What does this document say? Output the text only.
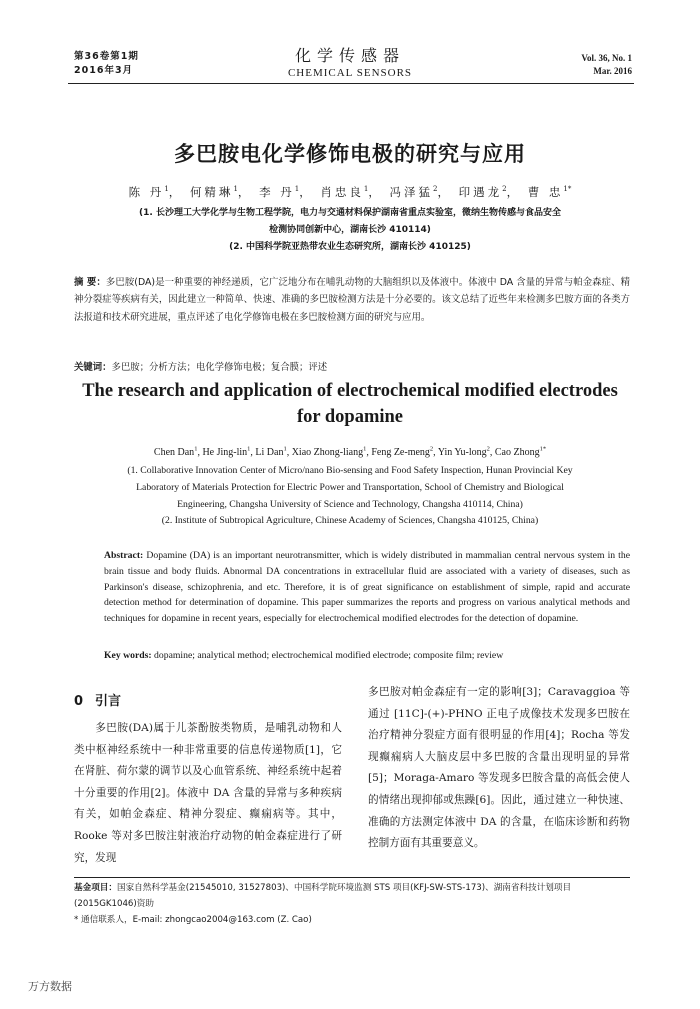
第36卷第1期
2016年3月
化学传感器
CHEMICAL SENSORS
Vol. 36, No. 1
Mar. 2016
多巴胺电化学修饰电极的研究与应用
陈 丹$^1$， 何精琳$^1$， 李 丹$^1$， 肖忠良$^1$， 冯泽猛$^2$， 印遇龙$^2$， 曹 忠$^{1*}$
(1. 长沙理工大学化学与生物工程学院，电力与交通材料保护湖南省重点实验室，微纳生物传感与食品安全
检测协同创新中心，湖南长沙 410114)
(2. 中国科学院亚热带农业生态研究所，湖南长沙 410125)
摘 要：多巴胺(DA)是一种重要的神经递质，它广泛地分布在哺乳动物的大脑组织以及体液中。体液中 DA 含量的异常与帕金森症、精神分裂症等疾病有关，因此建立一种简单、快速、准确的多巴胺检测方法是十分必要的。该文总结了近些年来检测多巴胺方面的各类方法报道和技术研究进展，重点评述了电化学修饰电极在多巴胺检测方面的研究与应用。
关键词：多巴胺；分析方法；电化学修饰电极；复合膜；评述
The research and application of electrochemical modified electrodes
for dopamine
Chen Dan$^1$, He Jing-lin$^1$, Li Dan$^1$, Xiao Zhong-liang$^1$, Feng Ze-meng$^2$, Yin Yu-long$^2$, Cao Zhong$^{1*}$
(1. Collaborative Innovation Center of Micro/nano Bio-sensing and Food Safety Inspection, Hunan Provincial Key
Laboratory of Materials Protection for Electric Power and Transportation, School of Chemistry and Biological
Engineering, Changsha University of Science and Technology, Changsha 410114, China)
(2. Institute of Subtropical Agriculture, Chinese Academy of Sciences, Changsha 410125, China)
Abstract: Dopamine (DA) is an important neurotransmitter, which is widely distributed in mammalian central nervous system in the brain tissue and body fluids. Abnormal DA concentrations in extracellular fluid are associated with a variety of diseases, such as Parkinson's disease, schizophrenia, and etc. Therefore, it is of great significance on establishment of simple, rapid and accurate detection method for determination of dopamine. This paper summarizes the reports and progress on various analytical methods and techniques for dopamine in recent years, especially for electrochemical modified electrodes for the detection of dopamine.
Key words: dopamine; analytical method; electrochemical modified electrode; composite film; review
0 引言
多巴胺(DA)属于儿茶酚胺类物质，是哺乳动物和人类中枢神经系统中一种非常重要的信息传递物质[1]，它在肾脏、荷尔蒙的调节以及心血管系统、神经系统中起着十分重要的作用[2]。体液中 DA 含量的异常与多种疾病有关，如帕金森症、精神分裂症、癫痫病等。其中，Rooke 等对多巴胺注射液治疗动物的帕金森症进行了研究，发现
多巴胺对帕金森症有一定的影响[3]；Caravaggioa 等通过 [11C]-(+)-PHNO 正电子成像技术发现多巴胺在治疗精神分裂症方面有很明显的作用[4]；Rocha 等发现癫痫病人大脑皮层中多巴胺的含量出现明显的异常[5]；Moraga-Amaro 等发现多巴胺含量的高低会使人的情绪出现抑郁或焦躁[6]。因此，通过建立一种快速、准确的方法测定体液中 DA 的含量，在临床诊断和药物控制方面有其重要意义。
基金项目：国家自然科学基金(21545010, 31527803)、中国科学院环境监测 STS 项目(KFJ-SW-STS-173)、湖南省科技计划项目(2015GK1046)资助
* 通信联系人，E-mail: zhongcao2004@163.com (Z. Cao)
万方数据
